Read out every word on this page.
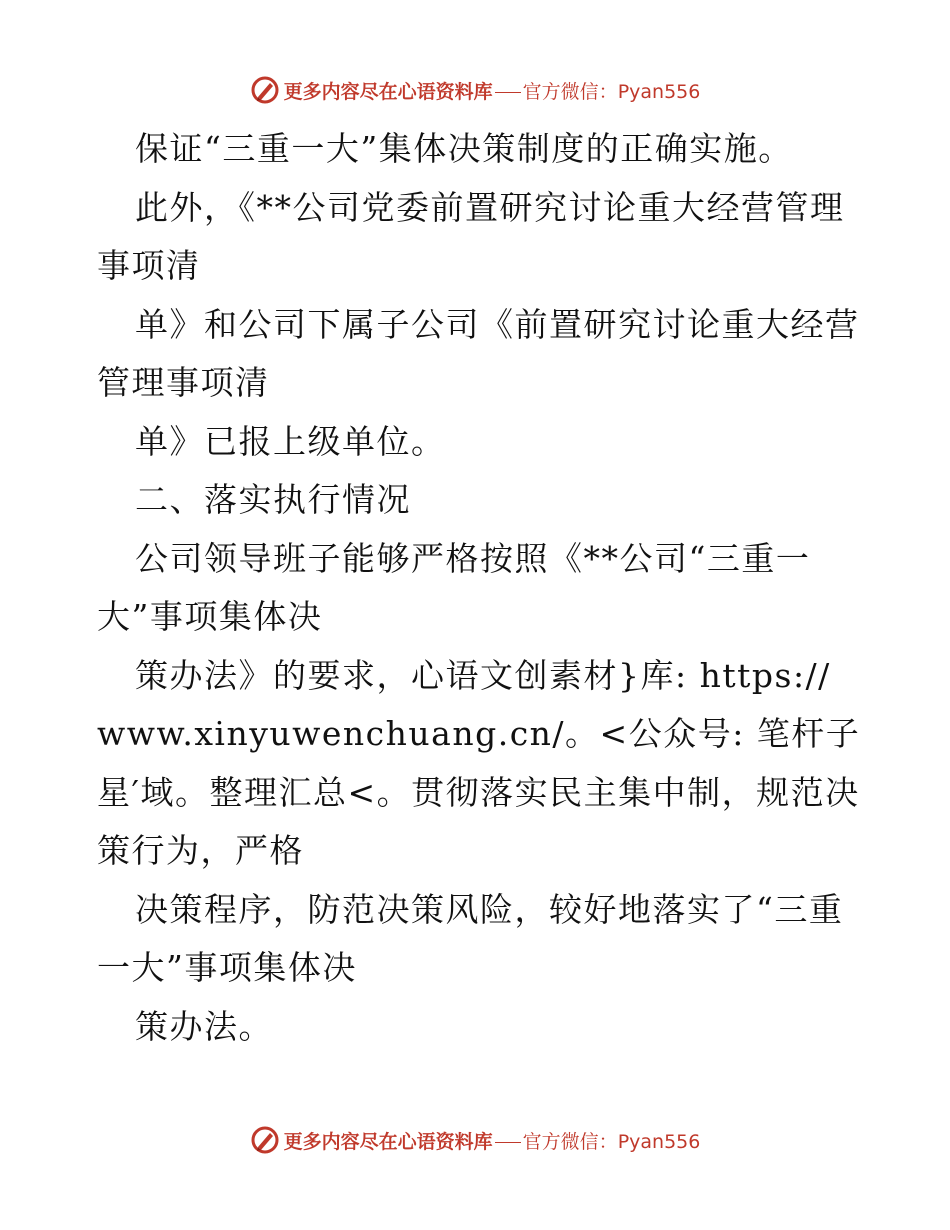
更多内容尽在心语资料库 官方微信：Pyan556
保证“三重一大”集体决策制度的正确实施。
此外，《**公司党委前置研究讨论重大经营管理
事项清
单》和公司下属子公司《前置研究讨论重大经营
管理事项清
单》已报上级单位。
二、落实执行情况
公司领导班子能够严格按照《**公司“三重一
大”事项集体决
策办法》的要求，心语文创素材}库: https://
www.xinyuwenchuang.cn/。<公众号: 笔杆子
星′域。整理汇总<。贯彻落实民主集中制，规范决
策行为，严格
决策程序，防范决策风险，较好地落实了“三重
一大”事项集体决
策办法。
更多内容尽在心语资料库 官方微信：Pyan556
